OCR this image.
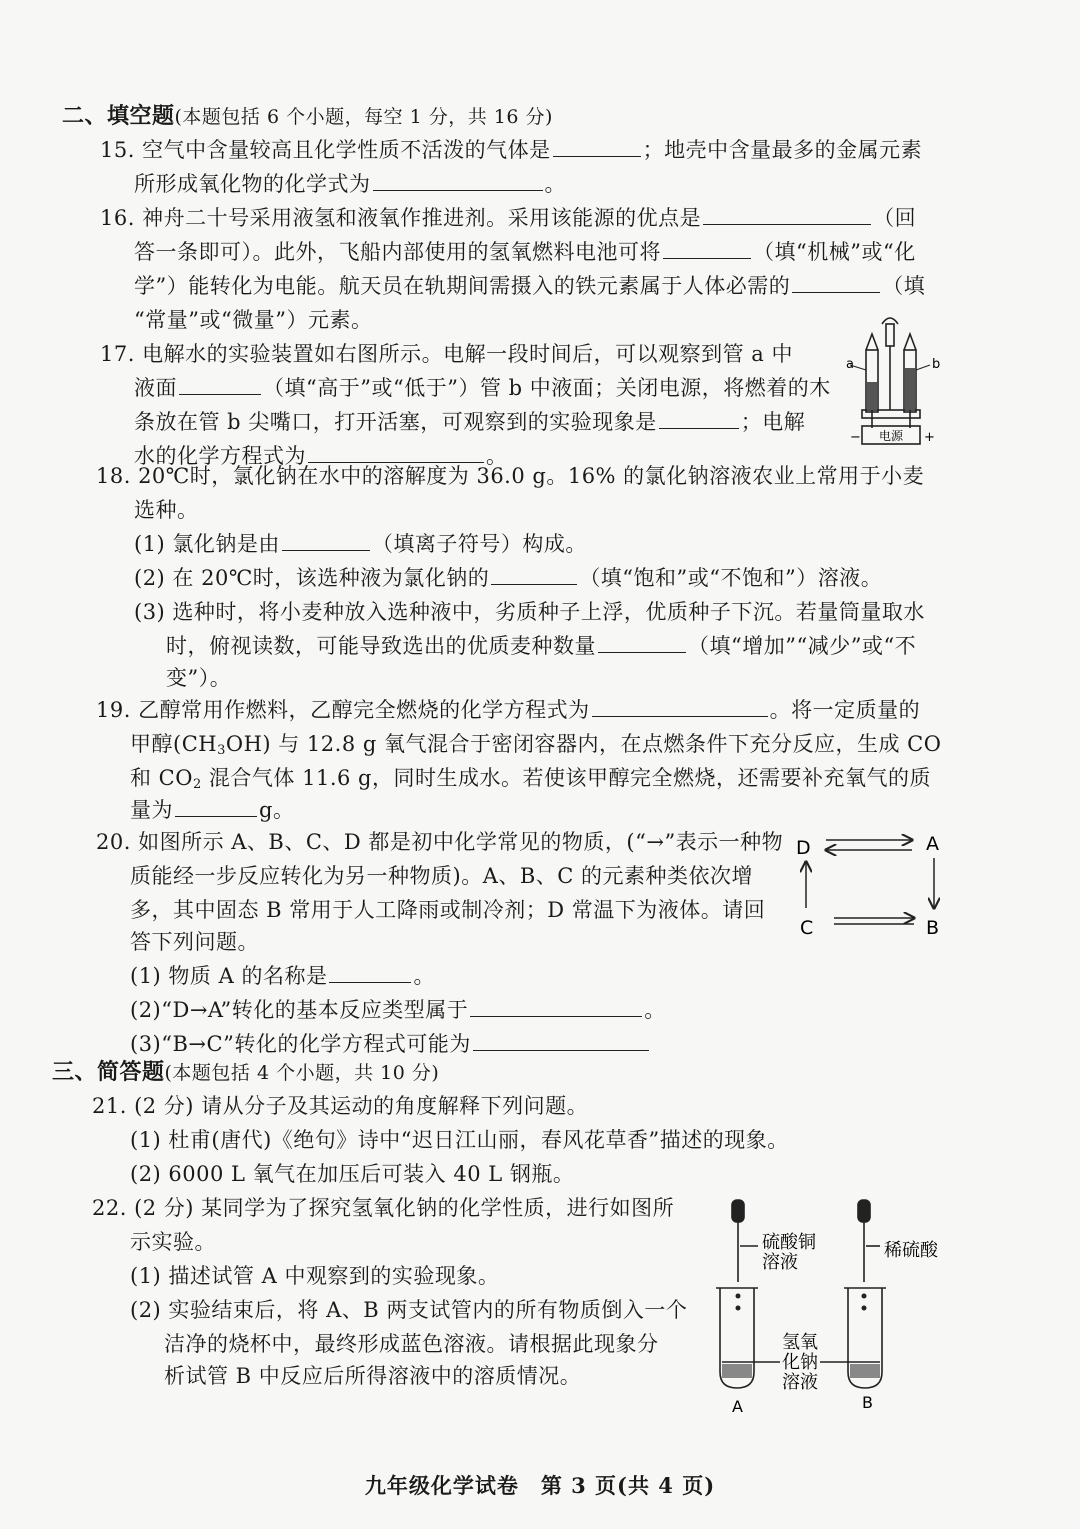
二、填空题(本题包括 6 个小题，每空 1 分，共 16 分)
15. 空气中含量较高且化学性质不活泼的气体是	；地壳中含量最多的金属元素
所形成氧化物的化学式为	。
16. 神舟二十号采用液氢和液氧作推进剂。采用该能源的优点是	（回
答一条即可）。此外，飞船内部使用的氢氧燃料电池可将	（填“机械”或“化
学”）能转化为电能。航天员在轨期间需摄入的铁元素属于人体必需的	（填
“常量”或“微量”）元素。
17. 电解水的实验装置如右图所示。电解一段时间后，可以观察到管 a 中
液面	（填“高于”或“低于”）管 b 中液面；关闭电源，将燃着的木
条放在管 b 尖嘴口，打开活塞，可观察到的实验现象是	；电解
水的化学方程式为	。
a	b
电源
−	+
18. 20℃时，氯化钠在水中的溶解度为 36.0 g。16% 的氯化钠溶液农业上常用于小麦
选种。
(1) 氯化钠是由	（填离子符号）构成。
(2) 在 20℃时，该选种液为氯化钠的	（填“饱和”或“不饱和”）溶液。
(3) 选种时，将小麦种放入选种液中，劣质种子上浮，优质种子下沉。若量筒量取水
时，俯视读数，可能导致选出的优质麦种数量	（填“增加”“减少”或“不
变”）。
19. 乙醇常用作燃料，乙醇完全燃烧的化学方程式为	。将一定质量的
甲醇$(CH_3OH)$ 与 12.8 g 氧气混合于密闭容器内，在点燃条件下充分反应，生成 CO
和 $CO_2$ 混合气体 11.6 g，同时生成水。若使该甲醇完全燃烧，还需要补充氧气的质
量为	g。
20. 如图所示 A、B、C、D 都是初中化学常见的物质，(“→”表示一种物
质能经一步反应转化为另一种物质)。A、B、C 的元素种类依次增
多，其中固态 B 常用于人工降雨或制冷剂；D 常温下为液体。请回
答下列问题。
(1) 物质 A 的名称是	。
(2)“D→A”转化的基本反应类型属于	。
(3)“B→C”转化的化学方程式可能为
D	A
C	B
三、简答题(本题包括 4 个小题，共 10 分)
21. (2 分) 请从分子及其运动的角度解释下列问题。
(1) 杜甫(唐代)《绝句》诗中“迟日江山丽，春风花草香”描述的现象。
(2) 6000 L 氧气在加压后可装入 40 L 钢瓶。
22. (2 分) 某同学为了探究氢氧化钠的化学性质，进行如图所
示实验。
(1) 描述试管 A 中观察到的实验现象。
(2) 实验结束后，将 A、B 两支试管内的所有物质倒入一个
洁净的烧杯中，最终形成蓝色溶液。请根据此现象分
析试管 B 中反应后所得溶液中的溶质情况。
硫酸铜
溶液
稀硫酸
氢氧
化钠
溶液
A	B
九年级化学试卷　第 3 页(共 4 页)
